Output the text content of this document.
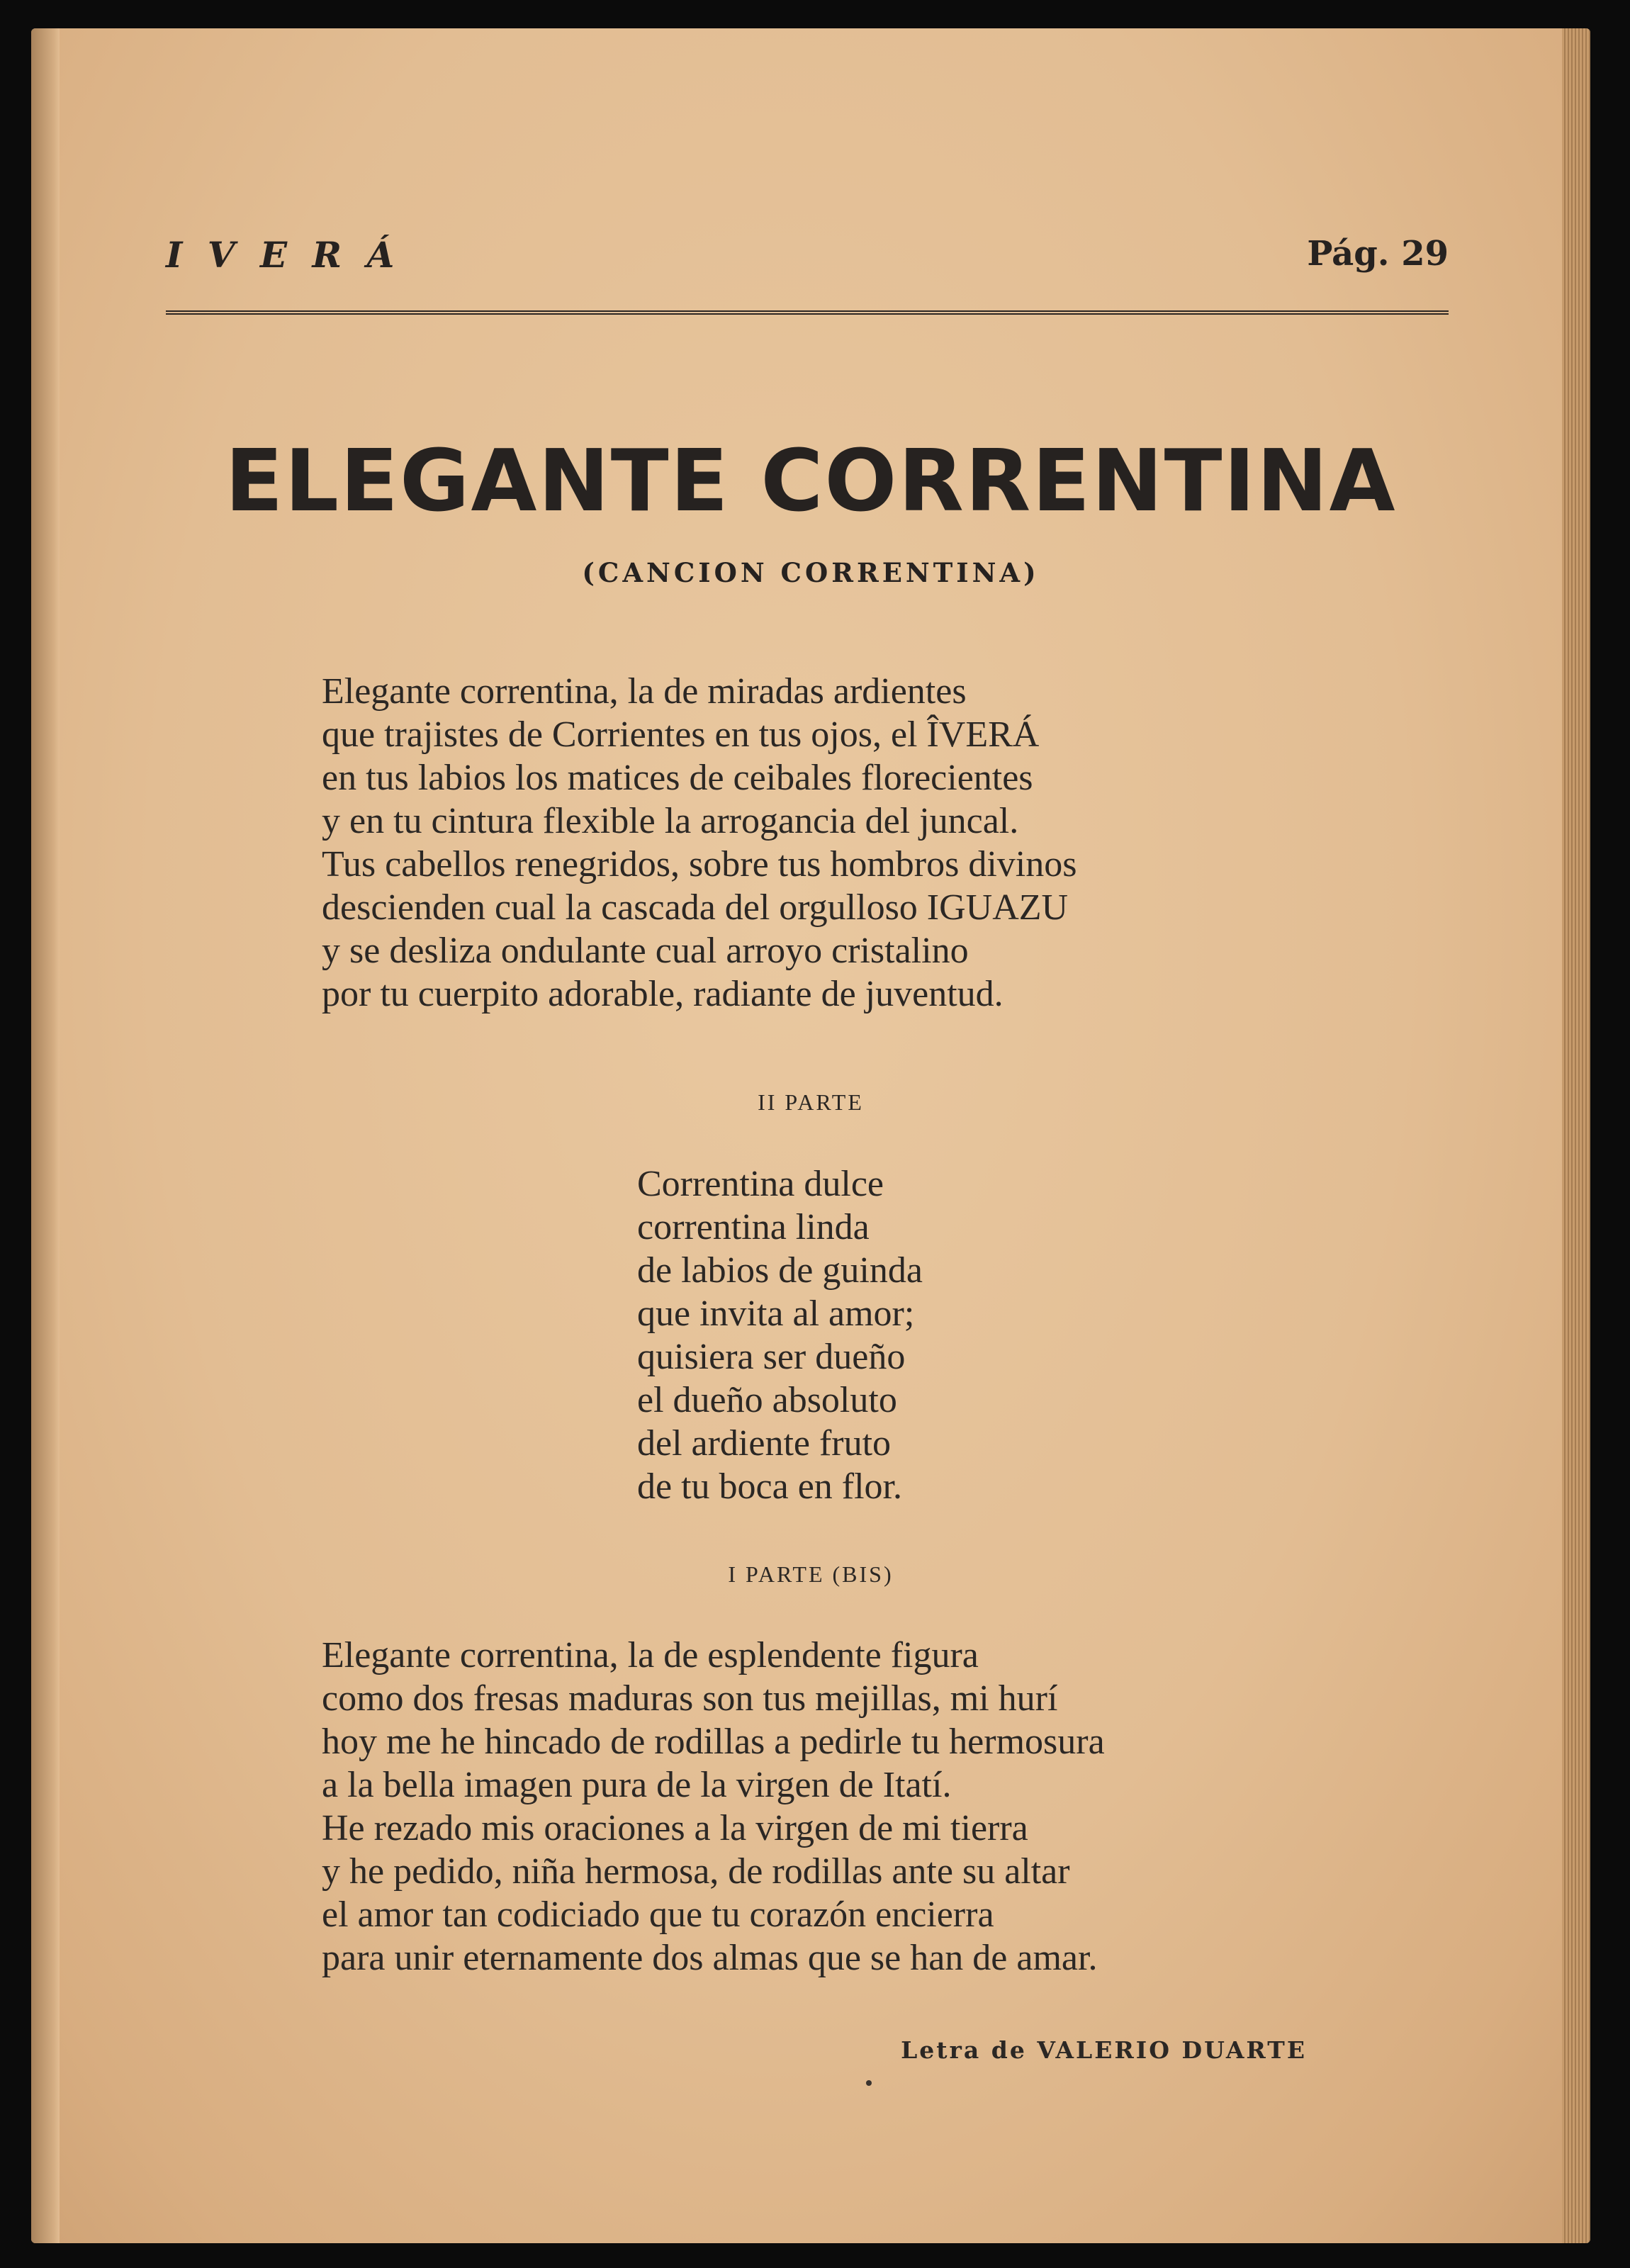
I V E R Á	Pág. 29
ELEGANTE CORRENTINA
(CANCION CORRENTINA)
Elegante correntina, la de miradas ardientes
que trajistes de Corrientes en tus ojos, el ÎVERÁ
en tus labios los matices de ceibales florecientes
y en tu cintura flexible la arrogancia del juncal.
Tus cabellos renegridos, sobre tus hombros divinos
descienden cual la cascada del orgulloso IGUAZU
y se desliza ondulante cual arroyo cristalino
por tu cuerpito adorable, radiante de juventud.
II PARTE
Correntina dulce
correntina linda
de labios de guinda
que invita al amor;
quisiera ser dueño
el dueño absoluto
del ardiente fruto
de tu boca en flor.
I PARTE (BIS)
Elegante correntina, la de esplendente figura
como dos fresas maduras son tus mejillas, mi hurí
hoy me he hincado de rodillas a pedirle tu hermosura
a la bella imagen pura de la virgen de Itatí.
He rezado mis oraciones a la virgen de mi tierra
y he pedido, niña hermosa, de rodillas ante su altar
el amor tan codiciado que tu corazón encierra
para unir eternamente dos almas que se han de amar.
Letra de VALERIO DUARTE
